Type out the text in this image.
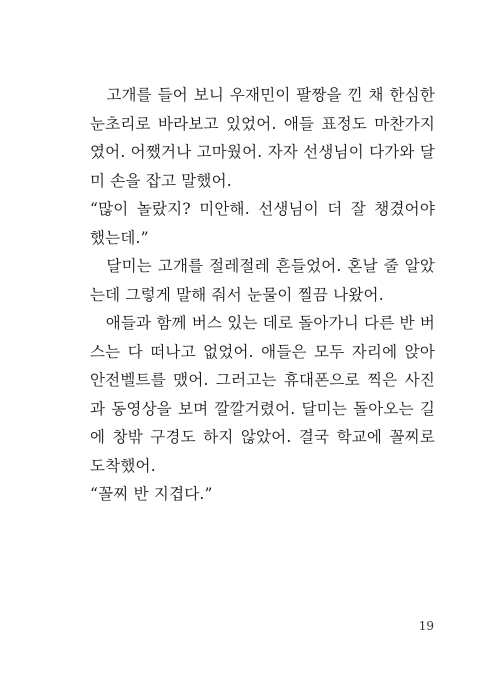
　고개를 들어 보니 우재민이 팔짱을 낀 채 한심한
눈초리로 바라보고 있었어. 애들 표정도 마찬가지
였어. 어쨌거나 고마웠어. 자자 선생님이 다가와 달
미 손을 잡고 말했어.
“많이 놀랐지? 미안해. 선생님이 더 잘 챙겼어야
했는데.”
　달미는 고개를 절레절레 흔들었어. 혼날 줄 알았
는데 그렇게 말해 줘서 눈물이 찔끔 나왔어.
　애들과 함께 버스 있는 데로 돌아가니 다른 반 버
스는 다 떠나고 없었어. 애들은 모두 자리에 앉아
안전벨트를 맸어. 그러고는 휴대폰으로 찍은 사진
과 동영상을 보며 깔깔거렸어. 달미는 돌아오는 길
에 창밖 구경도 하지 않았어. 결국 학교에 꼴찌로
도착했어.
“꼴찌 반 지겹다.”
19
